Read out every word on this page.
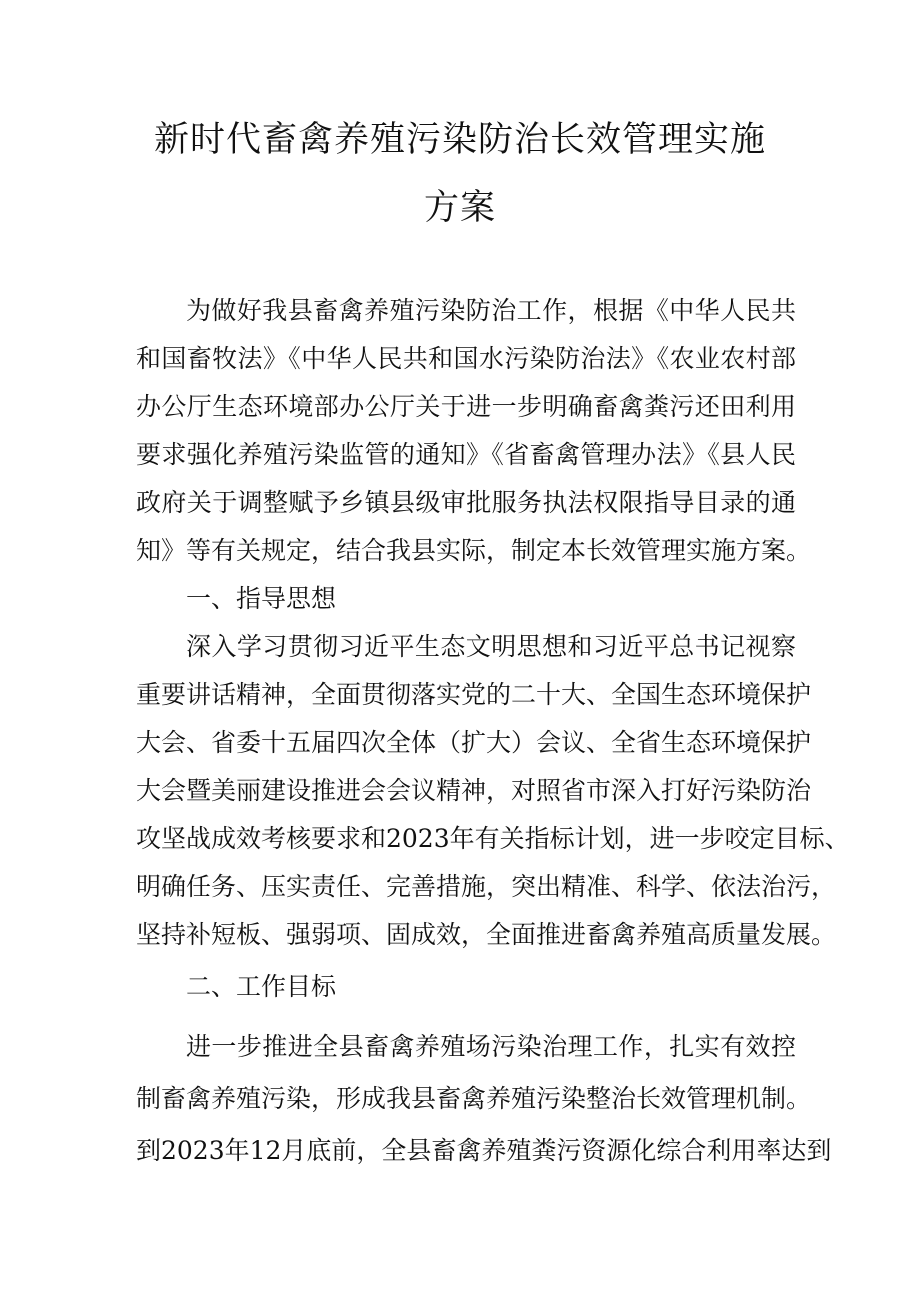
新时代畜禽养殖污染防治长效管理实施
方案

为做好我县畜禽养殖污染防治工作，根据《中华人民共

和国畜牧法》《中华人民共和国水污染防治法》《农业农村部

办公厅生态环境部办公厅关于进一步明确畜禽粪污还田利用

要求强化养殖污染监管的通知》《省畜禽管理办法》《县人民

政府关于调整赋予乡镇县级审批服务执法权限指导目录的通

知》等有关规定，结合我县实际，制定本长效管理实施方案。

一、指导思想

深入学习贯彻习近平生态文明思想和习近平总书记视察

重要讲话精神，全面贯彻落实党的二十大、全国生态环境保护

大会、省委十五届四次全体（扩大）会议、全省生态环境保护

大会暨美丽建设推进会会议精神，对照省市深入打好污染防治

攻坚战成效考核要求和2023年有关指标计划，进一步咬定目标、

明确任务、压实责任、完善措施，突出精准、科学、依法治污，

坚持补短板、强弱项、固成效，全面推进畜禽养殖高质量发展。

二、工作目标

进一步推进全县畜禽养殖场污染治理工作，扎实有效控

制畜禽养殖污染，形成我县畜禽养殖污染整治长效管理机制。

到2023年12月底前，全县畜禽养殖粪污资源化综合利用率达到
